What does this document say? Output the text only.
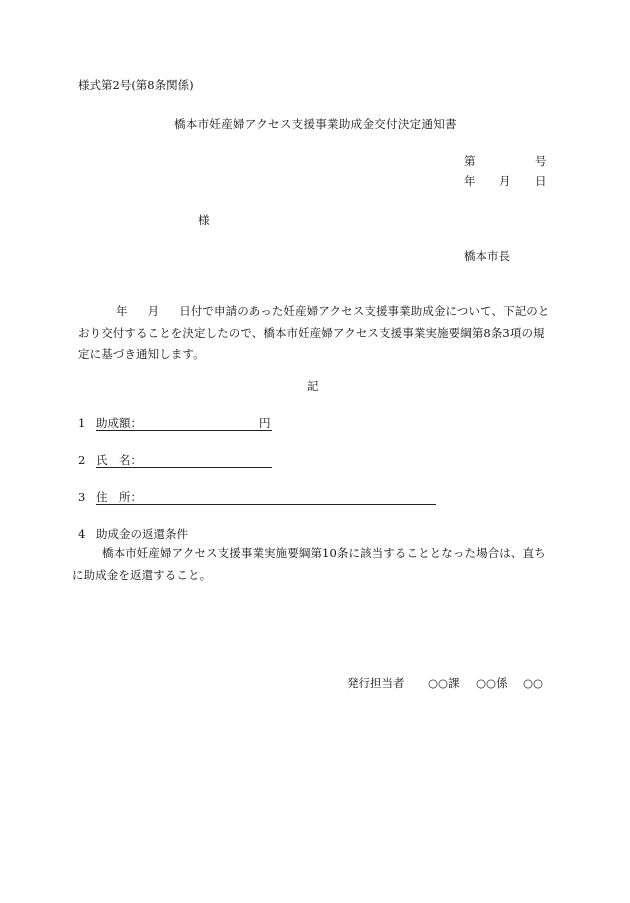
様式第2号(第8条関係)
橋本市妊産婦アクセス支援事業助成金交付決定通知書
第	号
年 月 日
様
橋本市長
年 月 日付で申請のあった妊産婦アクセス支援事業助成金について、下記のとおり交付することを決定したので、橋本市妊産婦アクセス支援事業実施要綱第8条3項の規定に基づき通知します。
記
1 助成額：	円
2 氏　名：
3 住　所：
4 助成金の返還条件
橋本市妊産婦アクセス支援事業実施要綱第10条に該当することとなった場合は、直ちに助成金を返還すること。
発行担当者 ○○課 ○○係 ○○
